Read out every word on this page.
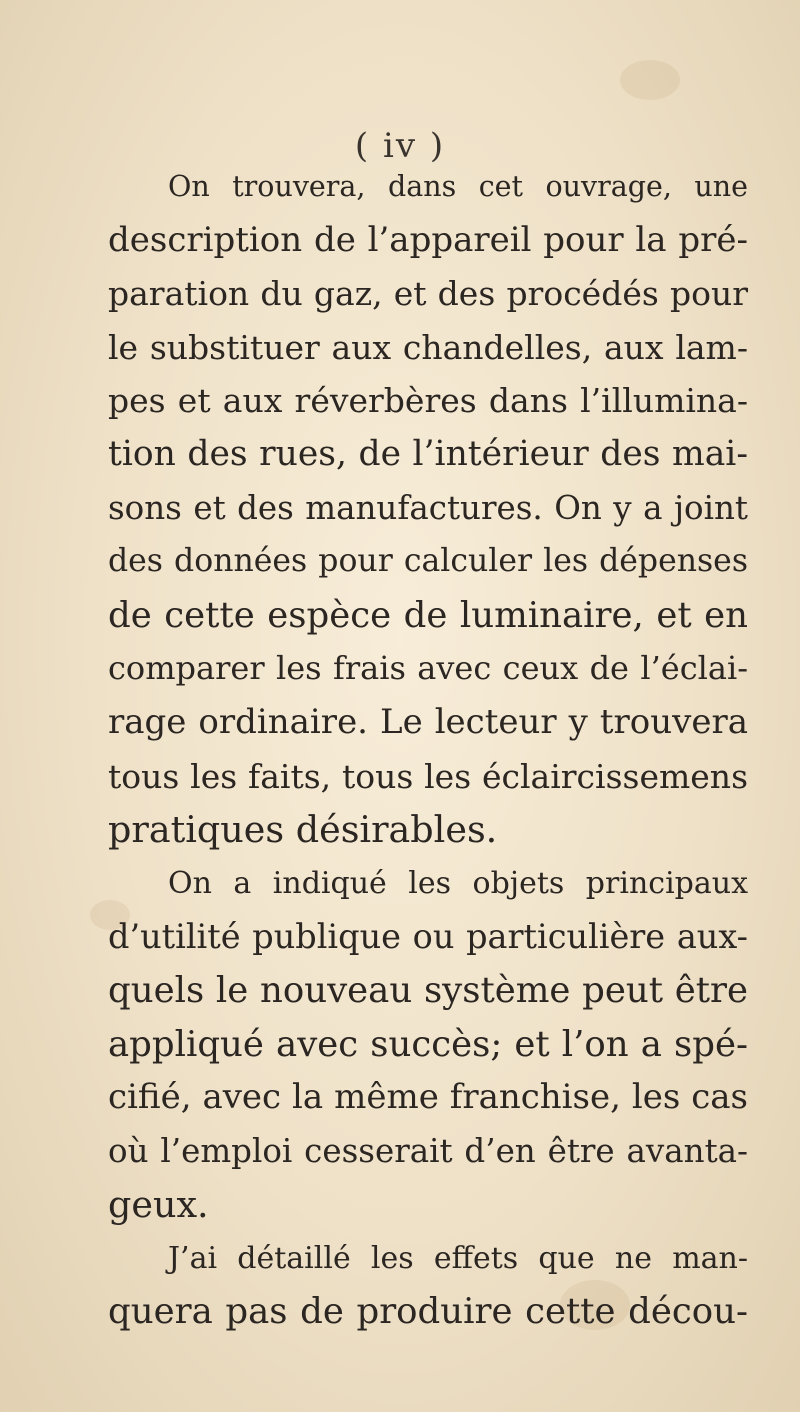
( iv )
On trouvera, dans cet ouvrage, une
description de l’appareil pour la pré-
paration du gaz, et des procédés pour
le substituer aux chandelles, aux lam-
pes et aux réverbères dans l’illumina-
tion des rues, de l’intérieur des mai-
sons et des manufactures. On y a joint
des données pour calculer les dépenses
de cette espèce de luminaire, et en
comparer les frais avec ceux de l’éclai-
rage ordinaire. Le lecteur y trouvera
tous les faits, tous les éclaircissemens
pratiques désirables.
On a indiqué les objets principaux
d’utilité publique ou particulière aux-
quels le nouveau système peut être
appliqué avec succès; et l’on a spé-
cifié, avec la même franchise, les cas
où l’emploi cesserait d’en être avanta-
geux.
J’ai détaillé les effets que ne man-
quera pas de produire cette décou-
